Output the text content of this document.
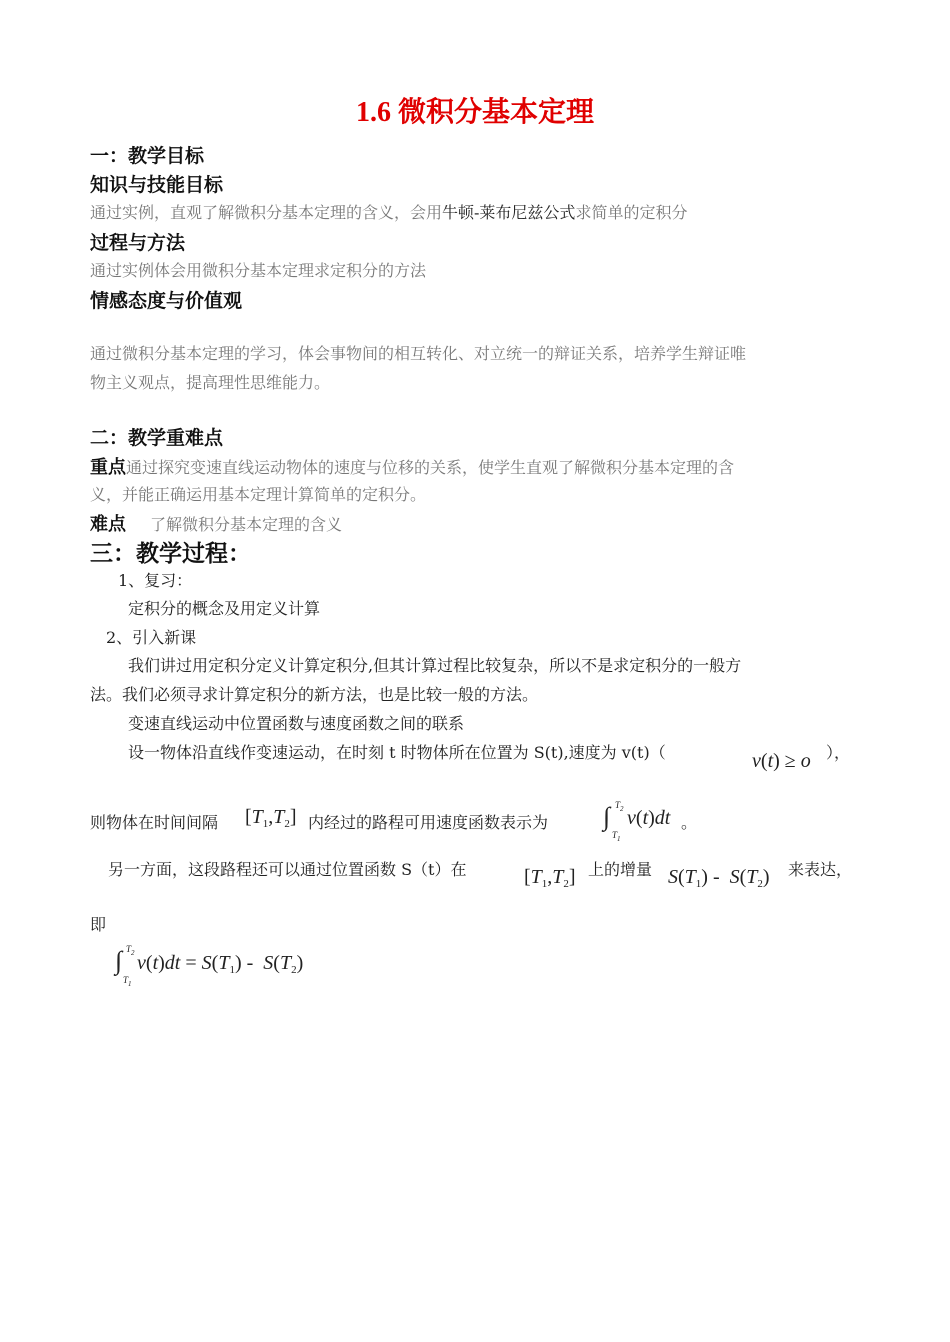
1.6 微积分基本定理
一：教学目标
知识与技能目标
通过实例，直观了解微积分基本定理的含义，会用牛顿-莱布尼兹公式求简单的定积分
过程与方法
通过实例体会用微积分基本定理求定积分的方法
情感态度与价值观
通过微积分基本定理的学习，体会事物间的相互转化、对立统一的辩证关系，培养学生辩证唯
物主义观点，提高理性思维能力。
二：教学重难点
重点通过探究变速直线运动物体的速度与位移的关系，使学生直观了解微积分基本定理的含
义，并能正确运用基本定理计算简单的定积分。
难点 了解微积分基本定理的含义
三：教学过程：
1、复习：
定积分的概念及用定义计算
2、引入新课
我们讲过用定积分定义计算定积分,但其计算过程比较复杂，所以不是求定积分的一般方
法。我们必须寻求计算定积分的新方法，也是比较一般的方法。
变速直线运动中位置函数与速度函数之间的联系
设一物体沿直线作变速运动，在时刻 t 时物体所在位置为 S(t),速度为 v(t)（	v(t) ≥ o ），
则物体在时间间隔 $[T_1,T_2]$ 内经过的路程可用速度函数表示为 ∫ $T_2$
$T_1$
v(t)dt 。
另一方面，这段路程还可以通过位置函数 S（t）在	$[T_1,T_2]$ 上的增量 $S(T_1) - S(T_2)$ 来表达，
即
∫ $T_2$
$T_1$
$v(t)dt = S(T_1) - S(T_2)$
